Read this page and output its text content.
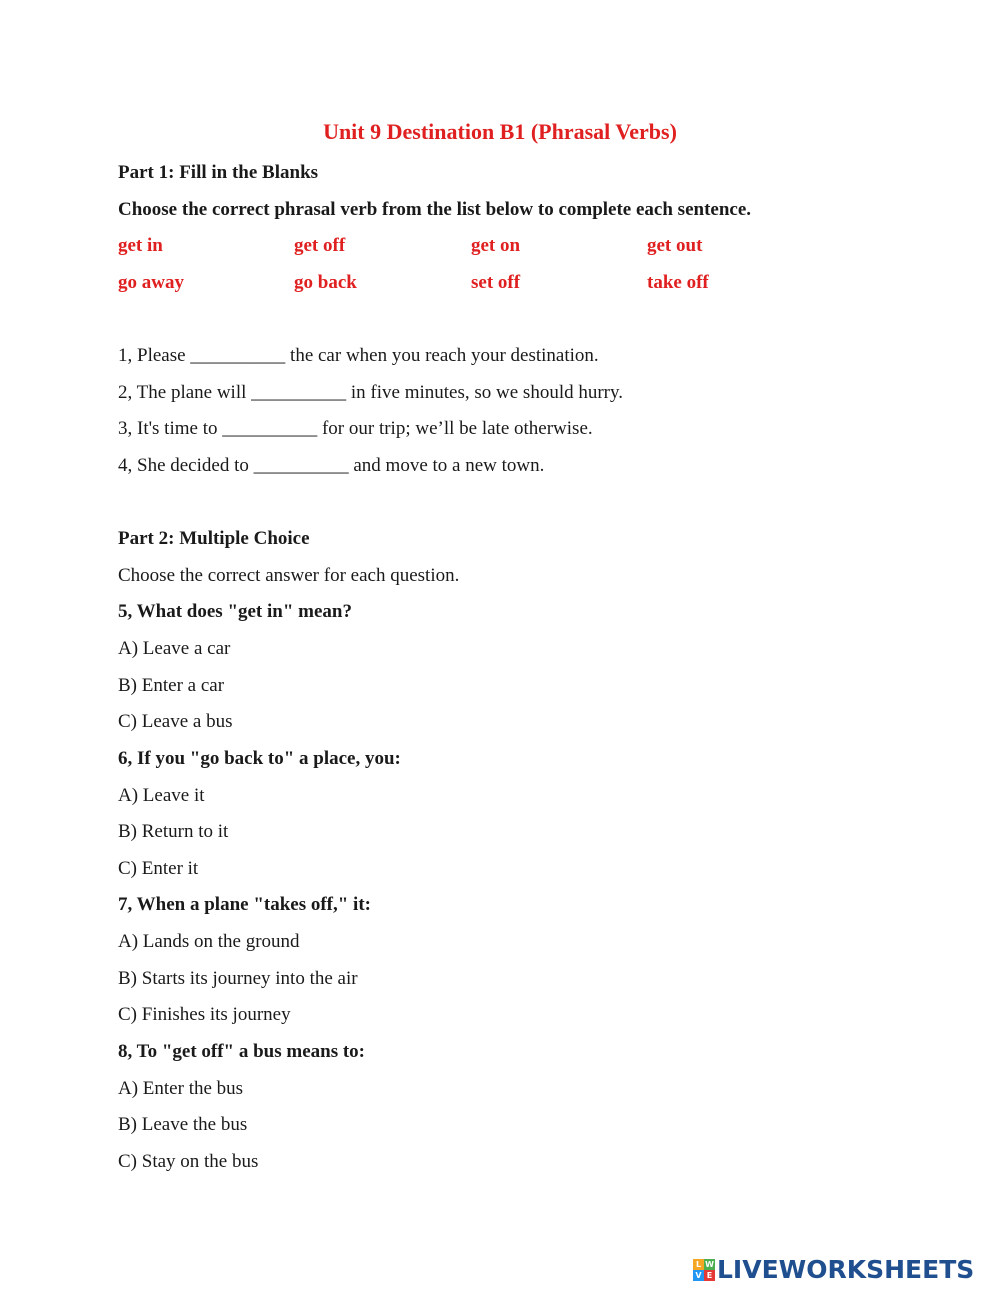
Unit 9 Destination B1 (Phrasal Verbs)

Part 1: Fill in the Blanks

Choose the correct phrasal verb from the list below to complete each sentence.

get in	get off	get on	get out
go away	go back	set off	take off

1, Please __________ the car when you reach your destination.

2, The plane will __________ in five minutes, so we should hurry.

3, It's time to __________ for our trip; we’ll be late otherwise.

4, She decided to __________ and move to a new town.

Part 2: Multiple Choice

Choose the correct answer for each question.

5, What does "get in" mean?

A) Leave a car

B) Enter a car

C) Leave a bus

6, If you "go back to" a place, you:

A) Leave it

B) Return to it

C) Enter it

7, When a plane "takes off," it:

A) Lands on the ground

B) Starts its journey into the air

C) Finishes its journey

8, To "get off" a bus means to:

A) Enter the bus

B) Leave the bus

C) Stay on the bus

L W
V E LIVEWORKSHEETS
